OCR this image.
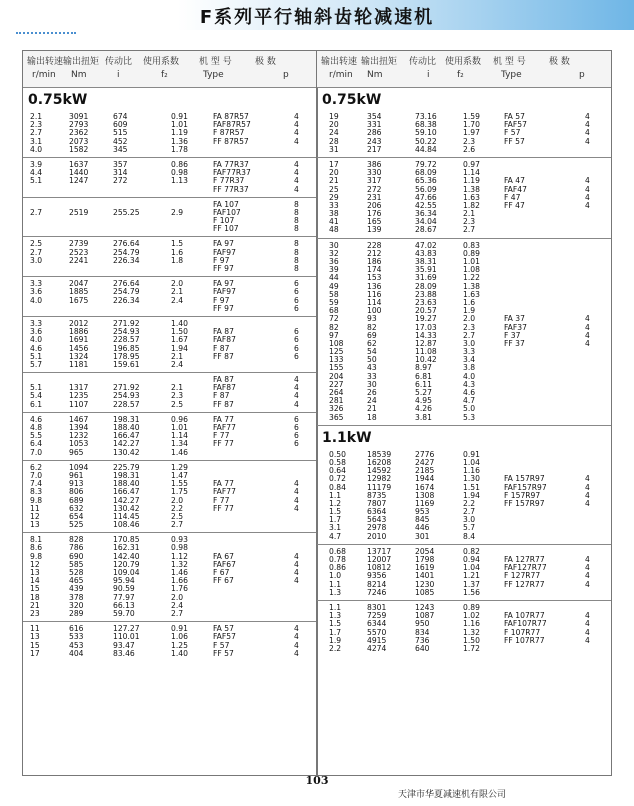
F系列平行轴斜齿轮减速机
输出转速 输出扭矩 传动比 使用系数 机 型 号	极 数
r/min Nm	i	f₂	Type	p
0.75kW
2.1	3091	674	0.91	FA 87R57	4
2.3	2793	609	1.01	FAF87R57	4
2.7	2362	515	1.19	F 87R57	4
3.1	2073	452	1.36	FF 87R57	4
4.0	1582	345	1.78
3.9	1637	357	0.86	FA 77R37	4
4.4	1440	314	0.98	FAF77R37	4
5.1	1247	272	1.13	F 77R37	4
FF 77R37	4
FA 107	8
2.7	2519	255.25	2.9	FAF107	8
F 107	8
FF 107	8
2.5	2739	276.64	1.5	FA 97	8
2.7	2523	254.79	1.6	FAF97	8
3.0	2241	226.34	1.8	F 97	8
FF 97	8
3.3	2047	276.64	2.0	FA 97	6
3.6	1885	254.79	2.1	FAF97	6
4.0	1675	226.34	2.4	F 97	6
FF 97	6
3.3	2012	271.92	1.40
3.6	1886	254.93	1.50	FA 87	6
4.0	1691	228.57	1.67	FAF87	6
4.6	1456	196.85	1.94	F 87	6
5.1	1324	178.95	2.1	FF 87	6
5.7	1181	159.61	2.4
FA 87	4
5.1	1317	271.92	2.1	FAF87	4
5.4	1235	254.93	2.3	F 87	4
6.1	1107	228.57	2.5	FF 87	4
4.6	1467	198.31	0.96	FA 77	6
4.8	1394	188.40	1.01	FAF77	6
5.5	1232	166.47	1.14	F 77	6
6.4	1053	142.27	1.34	FF 77	6
7.0	965	130.42	1.46
6.2	1094	225.79	1.29
7.0	961	198.31	1.47
7.4	913	188.40	1.55	FA 77	4
8.3	806	166.47	1.75	FAF77	4
9.8	689	142.27	2.0	F 77	4
11	632	130.42	2.2	FF 77	4
12	654	114.45	2.5
13	525	108.46	2.7
8.1	828	170.85	0.93
8.6	786	162.31	0.98
9.8	690	142.40	1.12	FA 67	4
12	585	120.79	1.32	FAF67	4
13	528	109.04	1.46	F 67	4
14	465	95.94	1.66	FF 67	4
15	439	90.59	1.76
18	378	77.97	2.0
21	320	66.13	2.4
23	289	59.70	2.7
11	616	127.27	0.91	FA 57	4
13	533	110.01	1.06	FAF57	4
15	453	93.47	1.25	F 57	4
17	404	83.46	1.40	FF 57	4
输出转速 输出扭矩 传动比 使用系数 机 型 号	极 数
r/min Nm	i	f₂	Type	p
0.75kW
19	354	73.16	1.59	FA 57	4
20	331	68.38	1.70	FAF57	4
24	286	59.10	1.97	F 57	4
28	243	50.22	2.3	FF 57	4
31	217	44.84	2.6
17	386	79.72	0.97
20	330	68.09	1.14
21	317	65.36	1.19	FA 47	4
25	272	56.09	1.38	FAF47	4
29	231	47.66	1.63	F 47	4
33	206	42.55	1.82	FF 47	4
38	176	36.34	2.1
41	165	34.04	2.3
48	139	28.67	2.7
30	228	47.02	0.83
32	212	43.83	0.89
36	186	38.31	1.01
39	174	35.91	1.08
44	153	31.69	1.22
49	136	28.09	1.38
58	116	23.88	1.63
59	114	23.63	1.6
68	100	20.57	1.9
72	93	19.27	2.0	FA 37	4
82	82	17.03	2.3	FAF37	4
97	69	14.33	2.7	F 37	4
108	62	12.87	3.0	FF 37	4
125	54	11.08	3.3
133	50	10.42	3.4
155	43	8.97	3.8
204	33	6.81	4.0
227	30	6.11	4.3
264	26	5.27	4.6
281	24	4.95	4.7
326	21	4.26	5.0
365	18	3.81	5.3
1.1kW
0.50	18539	2776	0.91
0.58	16208	2427	1.04
0.64	14592	2185	1.16
0.72	12982	1944	1.30	FA 157R97	4
0.84	11179	1674	1.51	FAF157R97	4
1.1	8735	1308	1.94	F 157R97	4
1.2	7807	1169	2.2	FF 157R97	4
1.5	6364	953	2.7
1.7	5643	845	3.0
3.1	2978	446	5.7
4.7	2010	301	8.4
0.68	13717	2054	0.82
0.78	12007	1798	0.94	FA 127R77	4
0.86	10812	1619	1.04	FAF127R77	4
1.0	9356	1401	1.21	F 127R77	4
1.1	8214	1230	1.37	FF 127R77	4
1.3	7246	1085	1.56
1.1	8301	1243	0.89
1.3	7259	1087	1.02	FA 107R77	4
1.5	6344	950	1.16	FAF107R77	4
1.7	5570	834	1.32	F 107R77	4
1.9	4915	736	1.50	FF 107R77	4
2.2	4274	640	1.72
103
天津市华夏减速机有限公司
